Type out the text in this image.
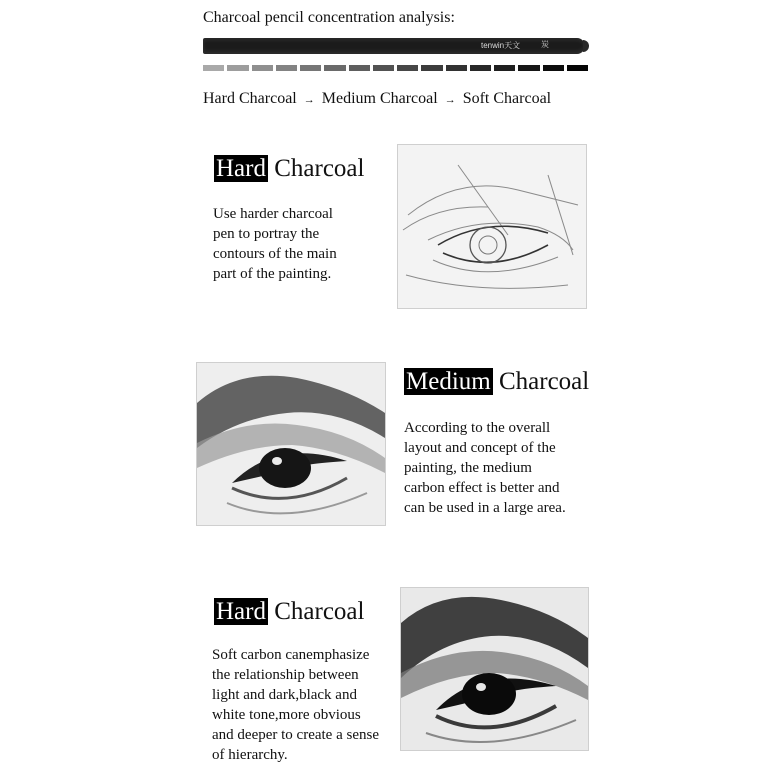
Charcoal pencil concentration analysis:
tenwin天文	炭
Hard Charcoal → Medium Charcoal → Soft Charcoal
Hard Charcoal
Use harder charcoal
pen to portray the
contours of the main
part of the painting.
Medium Charcoal
According to the overall
layout and concept of the
painting, the medium
carbon effect is better and
can be used in a large area.
Hard Charcoal
Soft carbon canemphasize
the relationship between
light and dark,black and
white tone,more obvious
and deeper to create a sense
of hierarchy.
